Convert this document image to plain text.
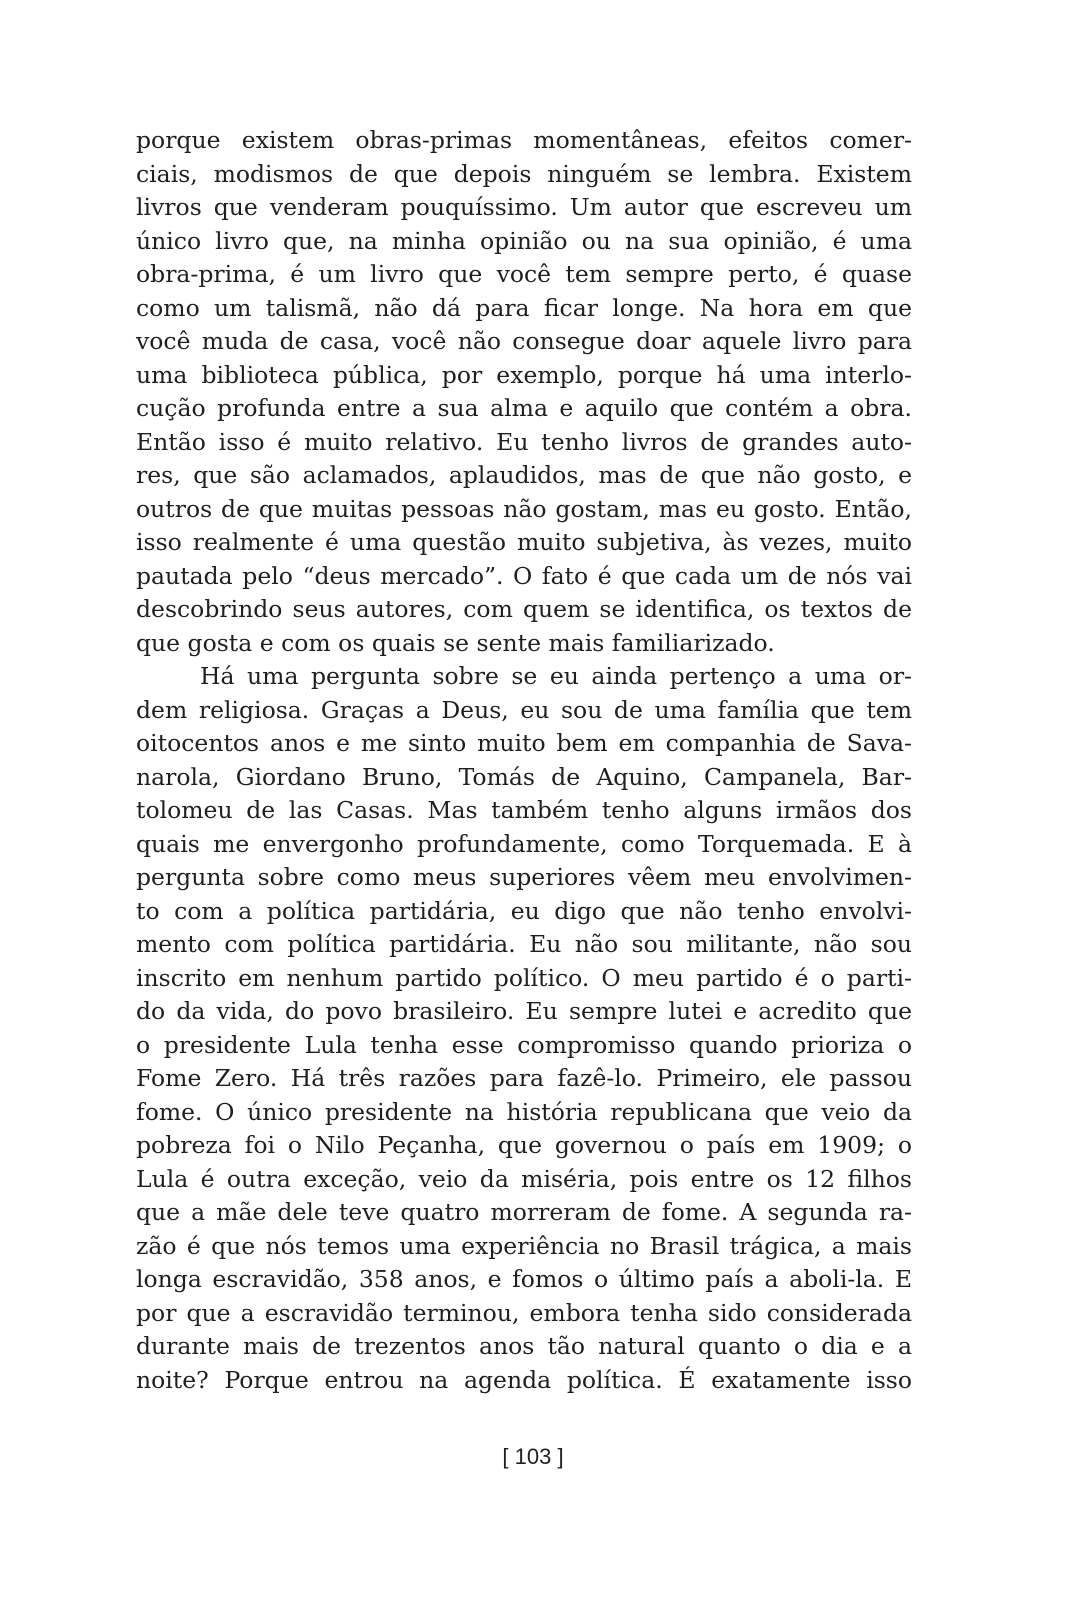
porque existem obras-primas momentâneas, efeitos comer-
ciais, modismos de que depois ninguém se lembra. Existem
livros que venderam pouquíssimo. Um autor que escreveu um
único livro que, na minha opinião ou na sua opinião, é uma
obra-prima, é um livro que você tem sempre perto, é quase
como um talismã, não dá para ficar longe. Na hora em que
você muda de casa, você não consegue doar aquele livro para
uma biblioteca pública, por exemplo, porque há uma interlo-
cução profunda entre a sua alma e aquilo que contém a obra.
Então isso é muito relativo. Eu tenho livros de grandes auto-
res, que são aclamados, aplaudidos, mas de que não gosto, e
outros de que muitas pessoas não gostam, mas eu gosto. Então,
isso realmente é uma questão muito subjetiva, às vezes, muito
pautada pelo “deus mercado”. O fato é que cada um de nós vai
descobrindo seus autores, com quem se identifica, os textos de
que gosta e com os quais se sente mais familiarizado.
Há uma pergunta sobre se eu ainda pertenço a uma or-
dem religiosa. Graças a Deus, eu sou de uma família que tem
oitocentos anos e me sinto muito bem em companhia de Sava-
narola, Giordano Bruno, Tomás de Aquino, Campanela, Bar-
tolomeu de las Casas. Mas também tenho alguns irmãos dos
quais me envergonho profundamente, como Torquemada. E à
pergunta sobre como meus superiores vêem meu envolvimen-
to com a política partidária, eu digo que não tenho envolvi-
mento com política partidária. Eu não sou militante, não sou
inscrito em nenhum partido político. O meu partido é o parti-
do da vida, do povo brasileiro. Eu sempre lutei e acredito que
o presidente Lula tenha esse compromisso quando prioriza o
Fome Zero. Há três razões para fazê-lo. Primeiro, ele passou
fome. O único presidente na história republicana que veio da
pobreza foi o Nilo Peçanha, que governou o país em 1909; o
Lula é outra exceção, veio da miséria, pois entre os 12 filhos
que a mãe dele teve quatro morreram de fome. A segunda ra-
zão é que nós temos uma experiência no Brasil trágica, a mais
longa escravidão, 358 anos, e fomos o último país a aboli-la. E
por que a escravidão terminou, embora tenha sido considerada
durante mais de trezentos anos tão natural quanto o dia e a
noite? Porque entrou na agenda política. É exatamente isso
[ 103 ]
